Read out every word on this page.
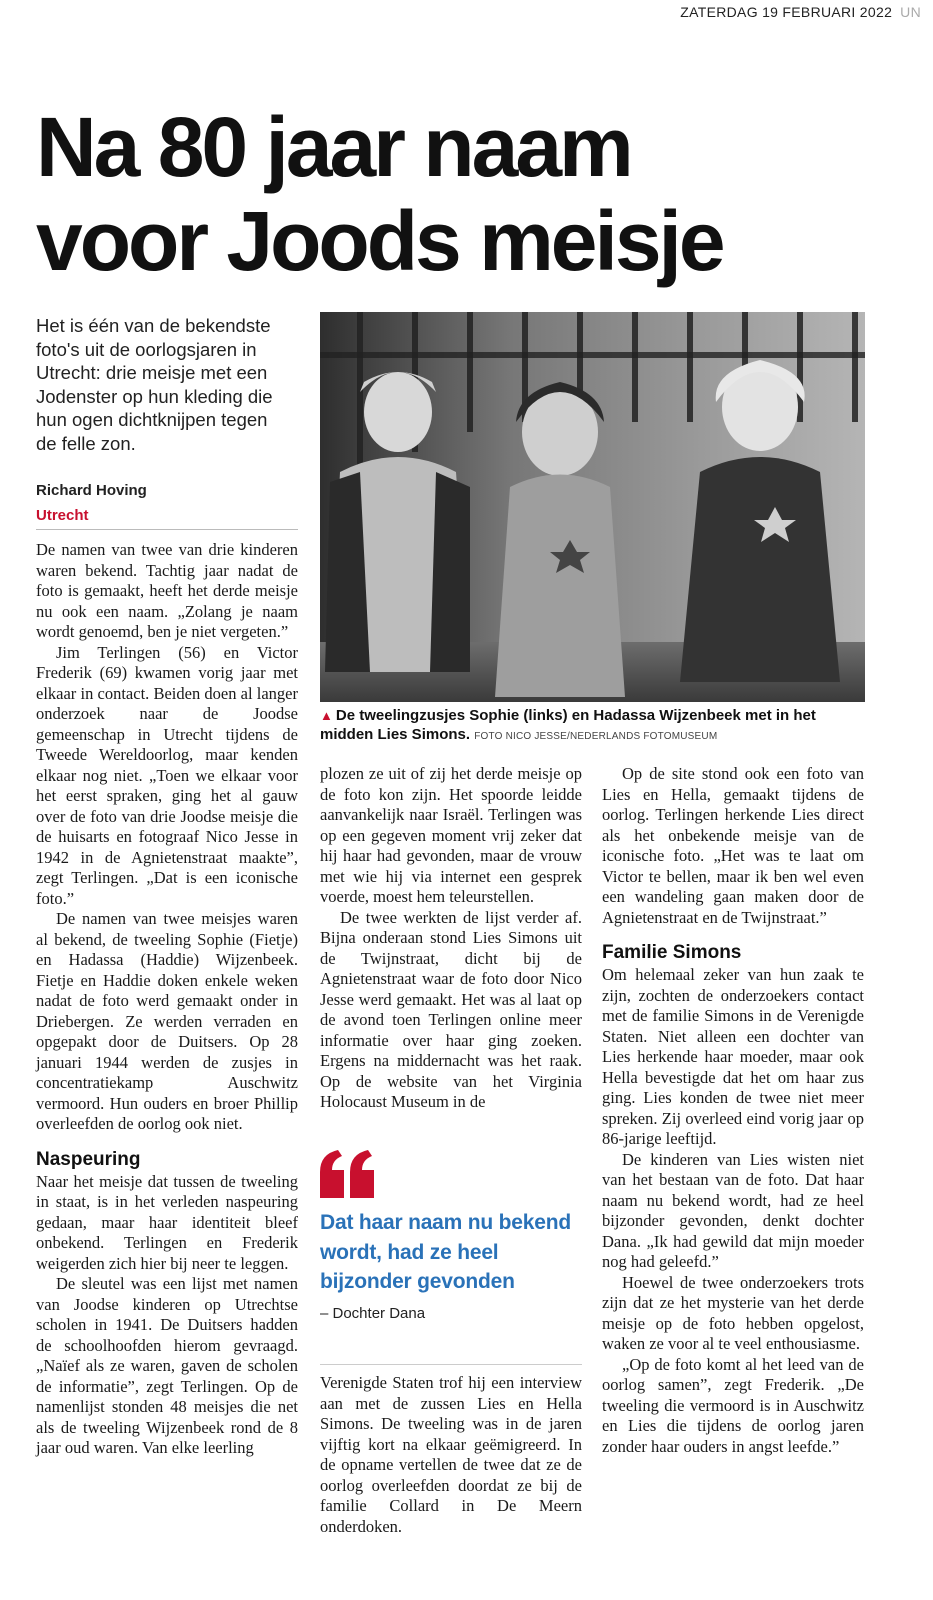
ZATERDAG 19 FEBRUARI 2022 UN
Na 80 jaar naam
voor Joods meisje
Het is één van de bekendste foto's uit de oorlogsjaren in Utrecht: drie meisje met een Jodenster op hun kleding die hun ogen dichtknijpen tegen de felle zon.
Richard Hoving
Utrecht

De namen van twee van drie kinderen waren bekend. Tachtig jaar nadat de foto is gemaakt, heeft het derde meisje nu ook een naam. „Zolang je naam wordt genoemd, ben je niet vergeten.”

Jim Terlingen (56) en Victor Frederik (69) kwamen vorig jaar met elkaar in contact. Beiden doen al langer onderzoek naar de Joodse gemeenschap in Utrecht tijdens de Tweede Wereldoorlog, maar kenden elkaar nog niet. „Toen we elkaar voor het eerst spraken, ging het al gauw over de foto van drie Joodse meisje die de huisarts en fotograaf Nico Jesse in 1942 in de Agnietenstraat maakte”, zegt Terlingen. „Dat is een iconische foto.”

De namen van twee meisjes waren al bekend, de tweeling Sophie (Fietje) en Hadassa (Haddie) Wijzenbeek. Fietje en Haddie doken enkele weken nadat de foto werd gemaakt onder in Driebergen. Ze werden verraden en opgepakt door de Duitsers. Op 28 januari 1944 werden de zusjes in concentratiekamp Auschwitz vermoord. Hun ouders en broer Phillip overleefden de oorlog ook niet.

Naspeuring

Naar het meisje dat tussen de tweeling in staat, is in het verleden naspeuring gedaan, maar haar identiteit bleef onbekend. Terlingen en Frederik weigerden zich hier bij neer te leggen.

De sleutel was een lijst met namen van Joodse kinderen op Utrechtse scholen in 1941. De Duitsers hadden de schoolhoofden hierom gevraagd. „Naïef als ze waren, gaven de scholen de informatie”, zegt Terlingen. Op de namenlijst stonden 48 meisjes die net als de tweeling Wijzenbeek rond de 8 jaar oud waren. Van elke leerling

▲ De tweelingzusjes Sophie (links) en Hadassa Wijzenbeek met in het midden Lies Simons. FOTO NICO JESSE/NEDERLANDS FOTOMUSEUM

plozen ze uit of zij het derde meisje op de foto kon zijn. Het spoorde leidde aanvankelijk naar Israël. Terlingen was op een gegeven moment vrij zeker dat hij haar had gevonden, maar de vrouw met wie hij via internet een gesprek voerde, moest hem teleurstellen.

De twee werkten de lijst verder af. Bijna onderaan stond Lies Simons uit de Twijnstraat, dicht bij de Agnietenstraat waar de foto door Nico Jesse werd gemaakt. Het was al laat op de avond toen Terlingen online meer informatie over haar ging zoeken. Ergens na middernacht was het raak. Op de website van het Virginia Holocaust Museum in de

Dat haar naam nu bekend wordt, had ze heel bijzonder gevonden
– Dochter Dana

Verenigde Staten trof hij een interview aan met de zussen Lies en Hella Simons. De tweeling was in de jaren vijftig kort na elkaar geëmigreerd. In de opname vertellen de twee dat ze de oorlog overleefden doordat ze bij de familie Collard in De Meern onderdoken.

Op de site stond ook een foto van Lies en Hella, gemaakt tijdens de oorlog. Terlingen herkende Lies direct als het onbekende meisje van de iconische foto. „Het was te laat om Victor te bellen, maar ik ben wel even een wandeling gaan maken door de Agnietenstraat en de Twijnstraat.”

Familie Simons

Om helemaal zeker van hun zaak te zijn, zochten de onderzoekers contact met de familie Simons in de Verenigde Staten. Niet alleen een dochter van Lies herkende haar moeder, maar ook Hella bevestigde dat het om haar zus ging. Lies konden de twee niet meer spreken. Zij overleed eind vorig jaar op 86-jarige leeftijd.

De kinderen van Lies wisten niet van het bestaan van de foto. Dat haar naam nu bekend wordt, had ze heel bijzonder gevonden, denkt dochter Dana. „Ik had gewild dat mijn moeder nog had geleefd.”

Hoewel de twee onderzoekers trots zijn dat ze het mysterie van het derde meisje op de foto hebben opgelost, waken ze voor al te veel enthousiasme.

„Op de foto komt al het leed van de oorlog samen”, zegt Frederik. „De tweeling die vermoord is in Auschwitz en Lies die tijdens de oorlog jaren zonder haar ouders in angst leefde.”
